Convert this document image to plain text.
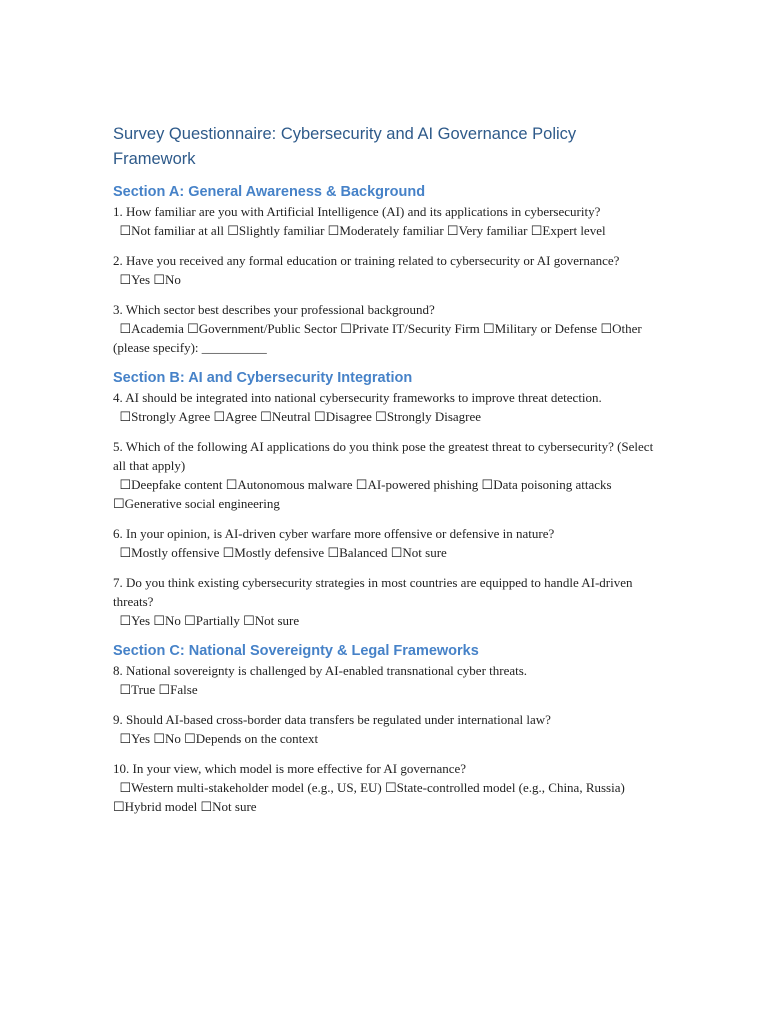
Survey Questionnaire: Cybersecurity and AI Governance Policy Framework
Section A: General Awareness & Background
1. How familiar are you with Artificial Intelligence (AI) and its applications in cybersecurity?
☐Not familiar at all ☐Slightly familiar ☐Moderately familiar ☐Very familiar ☐Expert level
2. Have you received any formal education or training related to cybersecurity or AI governance?
☐Yes ☐No
3. Which sector best describes your professional background?
☐Academia ☐Government/Public Sector ☐Private IT/Security Firm ☐Military or Defense ☐Other (please specify): __________
Section B: AI and Cybersecurity Integration
4. AI should be integrated into national cybersecurity frameworks to improve threat detection.
☐Strongly Agree ☐Agree ☐Neutral ☐Disagree ☐Strongly Disagree
5. Which of the following AI applications do you think pose the greatest threat to cybersecurity? (Select all that apply)
☐Deepfake content ☐Autonomous malware ☐AI-powered phishing ☐Data poisoning attacks ☐Generative social engineering
6. In your opinion, is AI-driven cyber warfare more offensive or defensive in nature?
☐Mostly offensive ☐Mostly defensive ☐Balanced ☐Not sure
7. Do you think existing cybersecurity strategies in most countries are equipped to handle AI-driven threats?
☐Yes ☐No ☐Partially ☐Not sure
Section C: National Sovereignty & Legal Frameworks
8. National sovereignty is challenged by AI-enabled transnational cyber threats.
☐True ☐False
9. Should AI-based cross-border data transfers be regulated under international law?
☐Yes ☐No ☐Depends on the context
10. In your view, which model is more effective for AI governance?
☐Western multi-stakeholder model (e.g., US, EU) ☐State-controlled model (e.g., China, Russia) ☐Hybrid model ☐Not sure
